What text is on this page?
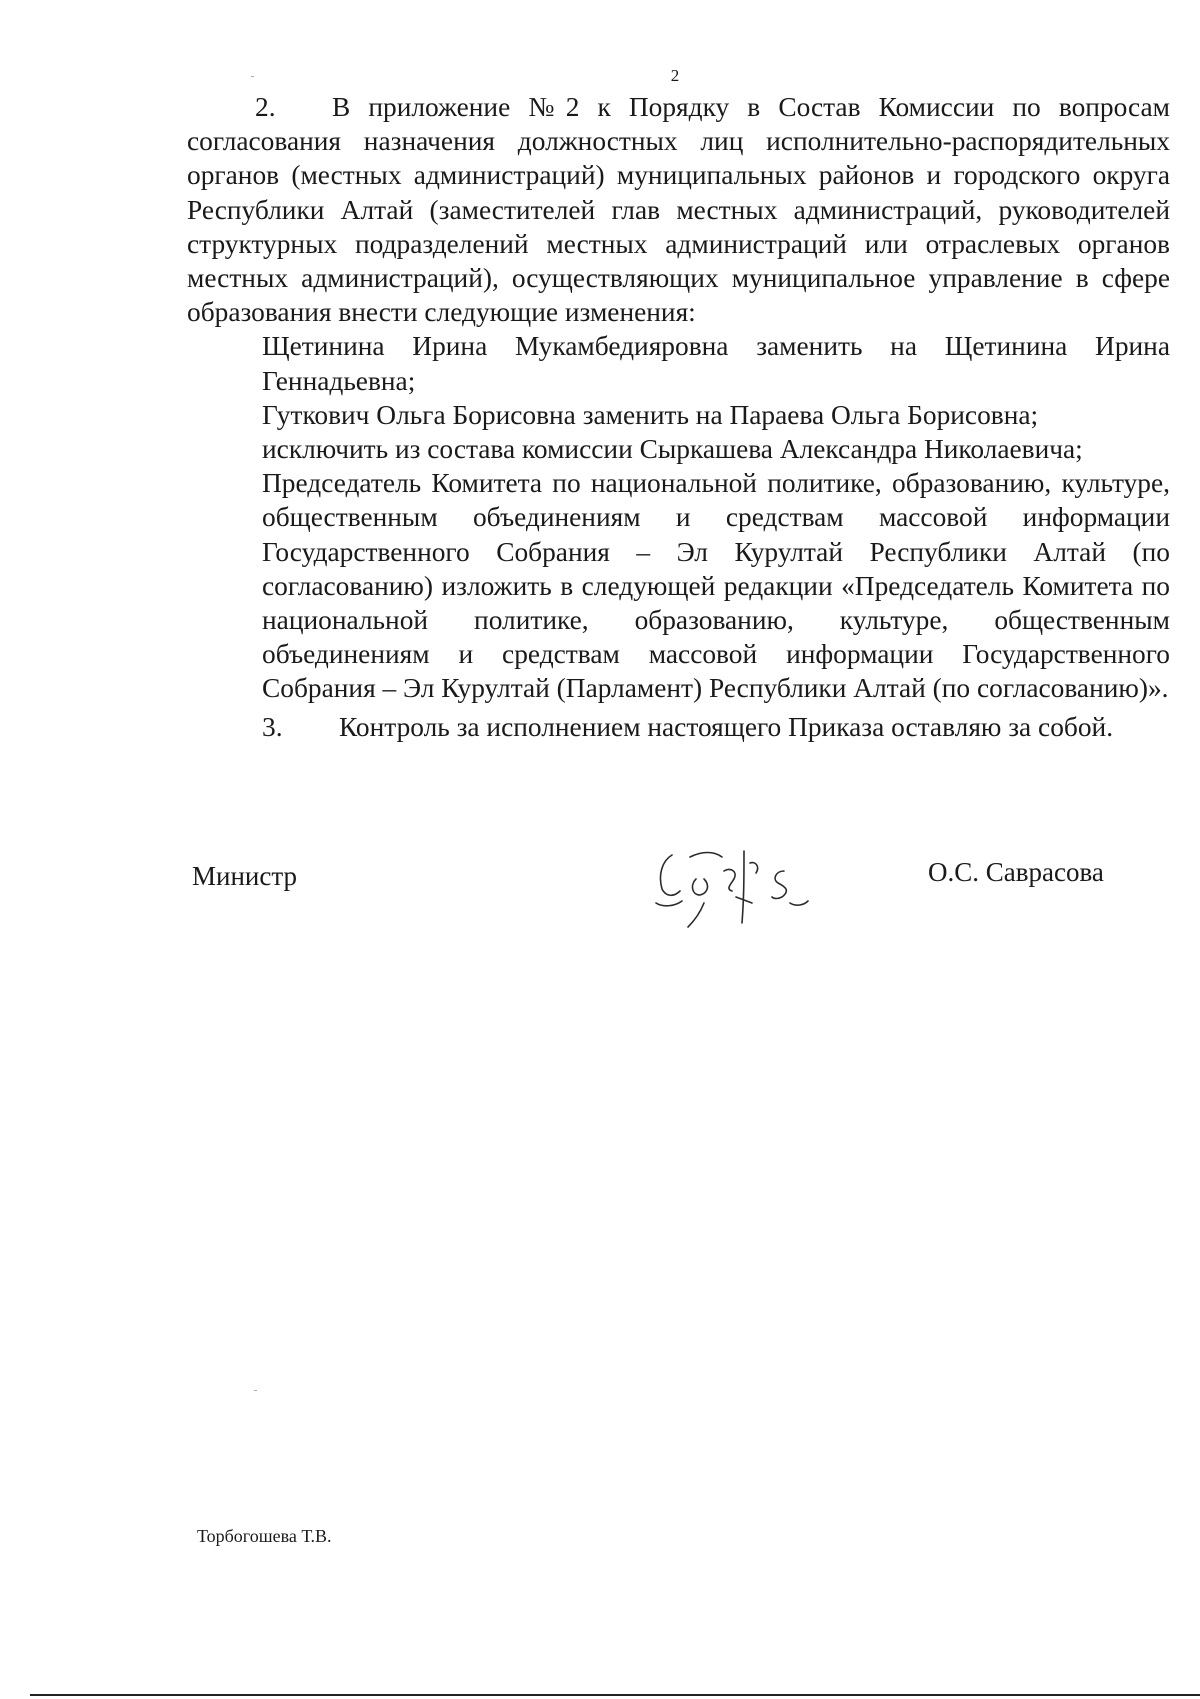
2

2. В приложение №2 к Порядку в Состав Комиссии по вопросам согласования назначения должностных лиц исполнительно-распорядительных органов (местных администраций) муниципальных районов и городского округа Республики Алтай (заместителей глав местных администраций, руководителей структурных подразделений местных администраций или отраслевых органов местных администраций), осуществляющих муниципальное управление в сфере образования внести следующие изменения:

Щетинина Ирина Мукамбедияровна заменить на Щетинина Ирина Геннадьевна;

Гуткович Ольга Борисовна заменить на Параева Ольга Борисовна;

исключить из состава комиссии Сыркашева Александра Николаевича;

Председатель Комитета по национальной политике, образованию, культуре, общественным объединениям и средствам массовой информации Государственного Собрания – Эл Курултай Республики Алтай (по согласованию) изложить в следующей редакции «Председатель Комитета по национальной политике, образованию, культуре, общественным объединениям и средствам массовой информации Государственного Собрания – Эл Курултай (Парламент) Республики Алтай (по согласованию)».

3. Контроль за исполнением настоящего Приказа оставляю за собой.

Министр	О.С. Саврасова
Торбогошева Т.В.
